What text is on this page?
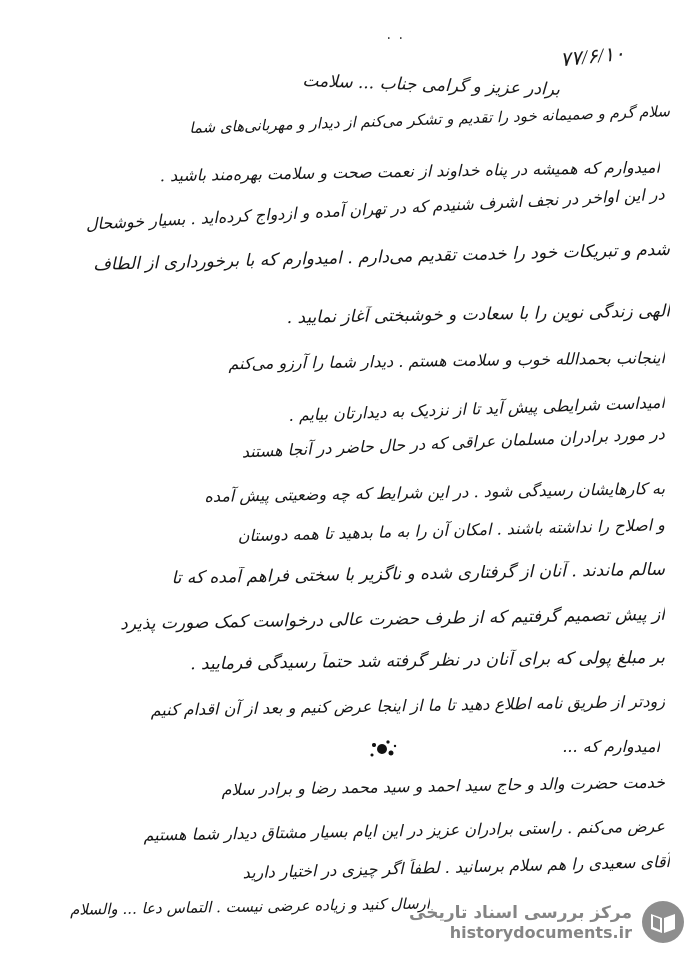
۷۷/۶/۱۰
٠ ٠
برادر عزیز و گرامی جناب ... سلامت
سلام گرم و صمیمانه خود را تقدیم و تشکر می‌کنم از دیدار و مهربانی‌های شما
امیدوارم که همیشه در پناه خداوند از نعمت صحت و سلامت بهره‌مند باشید .
در این اواخر در نجف اشرف شنیدم که در تهران آمده و ازدواج کرده‌اید . بسیار خوشحال
شدم و تبریکات خود را خدمت تقدیم می‌دارم . امیدوارم که با برخورداری از الطاف
الهی زندگی نوین را با سعادت و خوشبختی آغاز نمایید .
اینجانب بحمدالله خوب و سلامت هستم . دیدار شما را آرزو می‌کنم
امیداست شرایطی پیش آید تا از نزدیک به دیدارتان بیایم .
در مورد برادران مسلمان عراقی که در حال حاضر در آنجا هستند
به کارهایشان رسیدگی شود . در این شرایط که چه وضعیتی پیش آمده
و اصلاح را نداشته باشند . امکان آن را به ما بدهید تا همه دوستان
سالم ماندند . آنان از گرفتاری شده و ناگزیر با سختی فراهم آمده که تا
از پیش تصمیم گرفتیم که از طرف حضرت عالی درخواست کمک صورت پذیرد
بر مبلغ پولی که برای آنان در نظر گرفته شد حتماً رسیدگی فرمایید .
زودتر از طریق نامه اطلاع دهید تا ما از اینجا عرض کنیم و بعد از آن اقدام کنیم
امیدوارم که ...
خدمت حضرت والد و حاج سید احمد و سید محمد رضا و برادر سلام
عرض می‌کنم . راستی برادران عزیز در این ایام بسیار مشتاق دیدار شما هستیم
آقای سعیدی را هم سلام برسانید . لطفاً اگر چیزی در اختیار دارید
ارسال کنید و زیاده عرضی نیست . التماس دعا ... والسلام
مرکز بررسی اسناد تاریخی
historydocuments.ir
